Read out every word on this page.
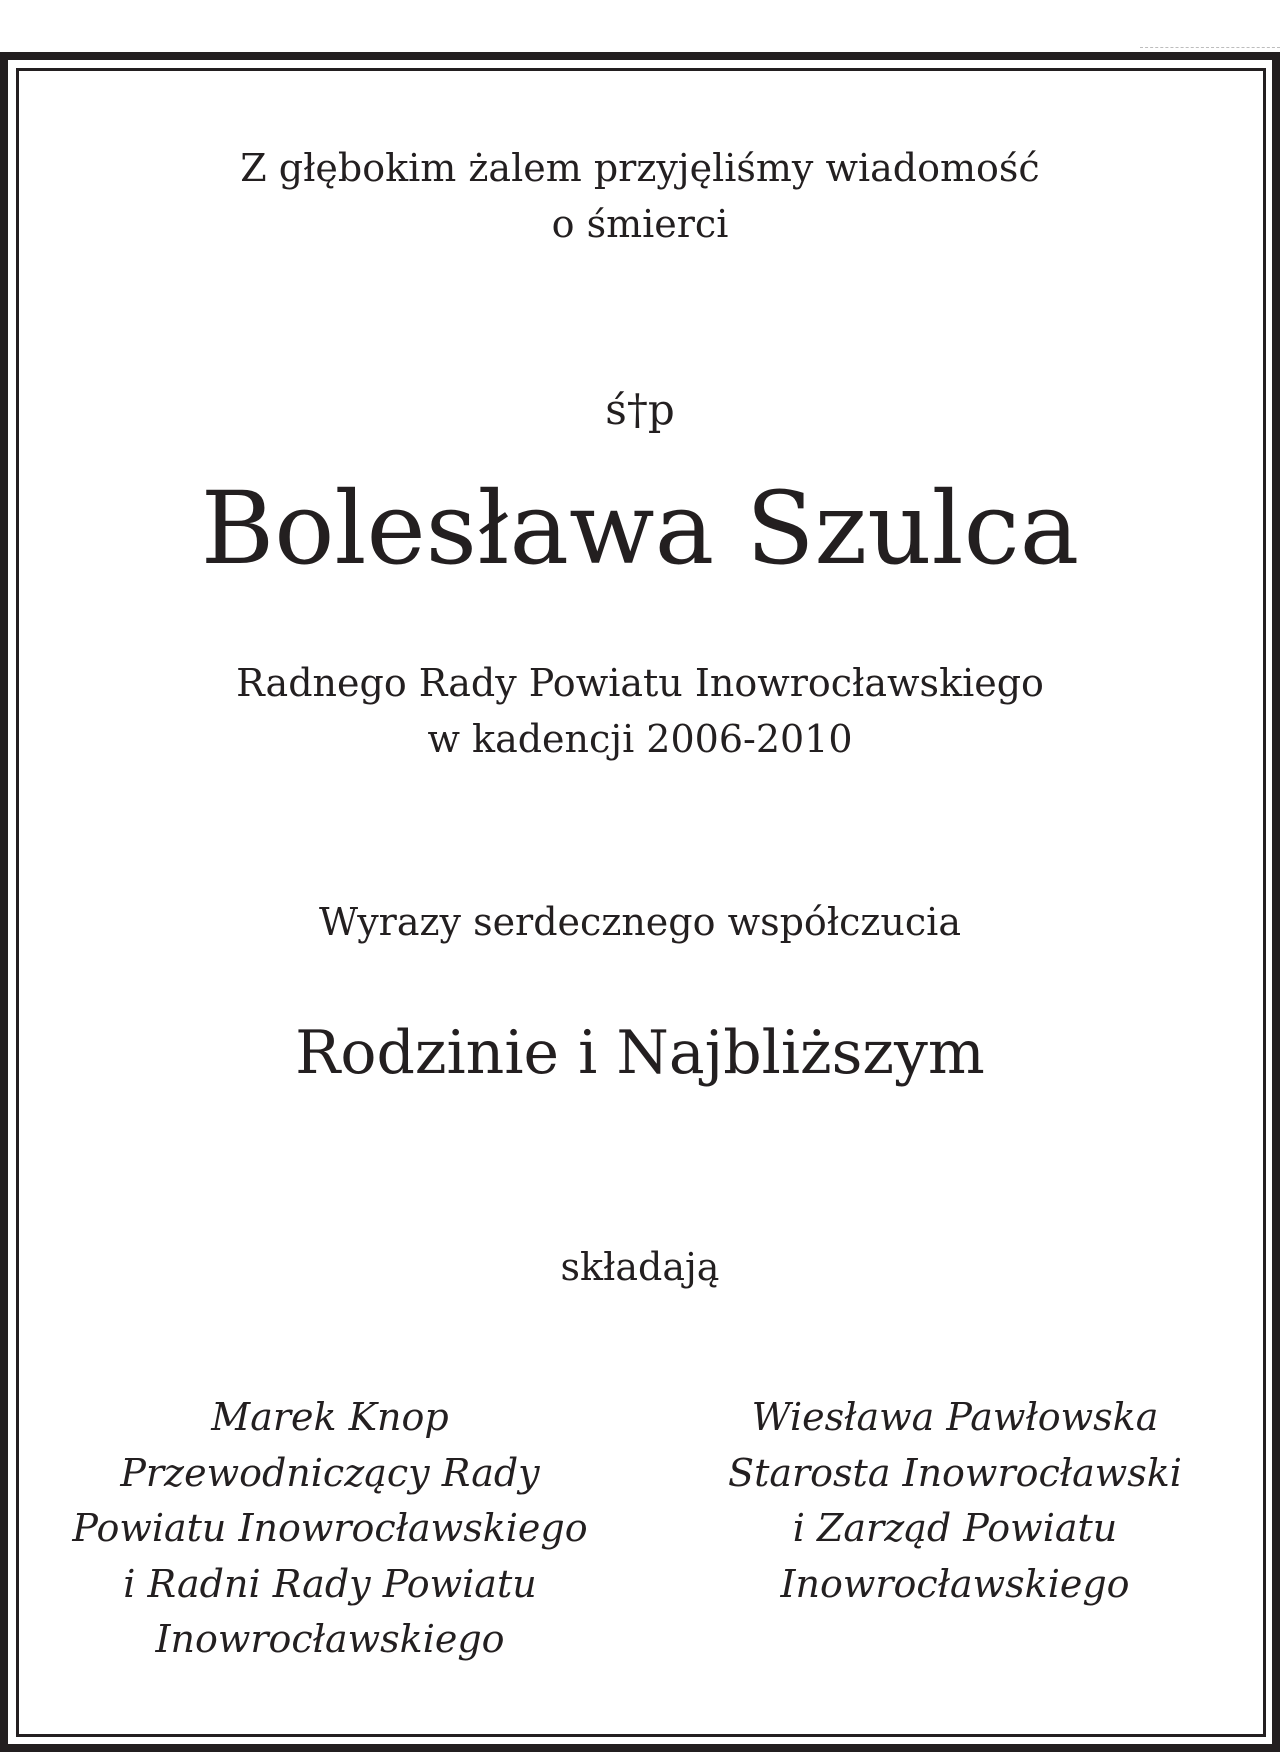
Z głębokim żalem przyjęliśmy wiadomość
o śmierci
ś†p
Bolesława Szulca
Radnego Rady Powiatu Inowrocławskiego
w kadencji 2006-2010
Wyrazy serdecznego współczucia
Rodzinie i Najbliższym
składają
Marek Knop
Przewodniczący Rady
Powiatu Inowrocławskiego
i Radni Rady Powiatu
Inowrocławskiego
Wiesława Pawłowska
Starosta Inowrocławski
i Zarząd Powiatu
Inowrocławskiego
